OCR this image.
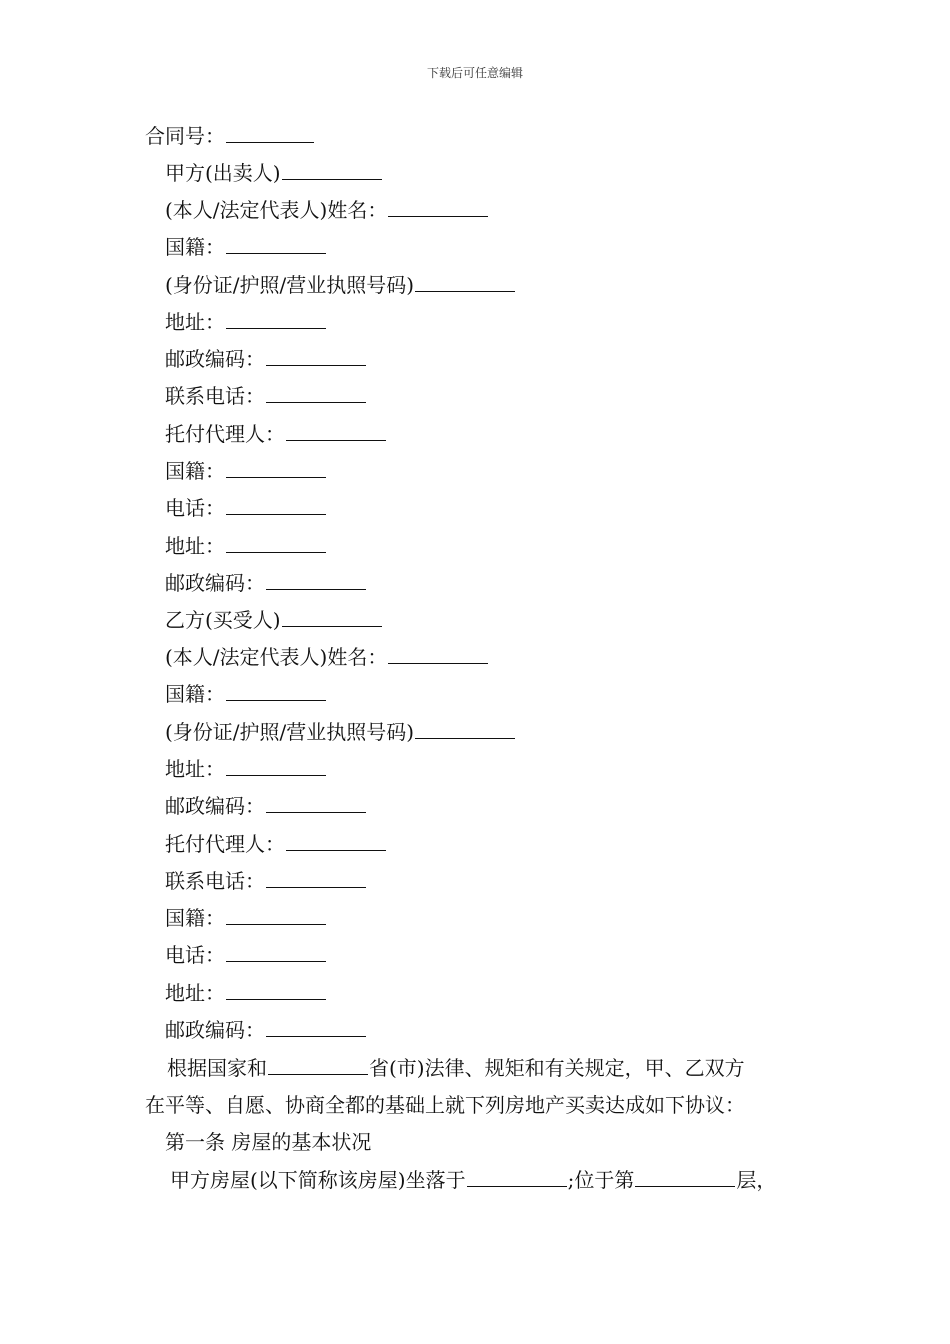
下载后可任意编辑
合同号：
甲方(出卖人)
(本人/法定代表人)姓名：
国籍：
(身份证/护照/营业执照号码)
地址：
邮政编码：
联系电话：
托付代理人：
国籍：
电话：
地址：
邮政编码：
乙方(买受人)
(本人/法定代表人)姓名：
国籍：
(身份证/护照/营业执照号码)
地址：
邮政编码：
托付代理人：
联系电话：
国籍：
电话：
地址：
邮政编码：
根据国家和	省(市)法律、规矩和有关规定，甲、乙双方
在平等、自愿、协商全都的基础上就下列房地产买卖达成如下协议：
第一条 房屋的基本状况
甲方房屋(以下简称该房屋)坐落于	;位于第	层，
